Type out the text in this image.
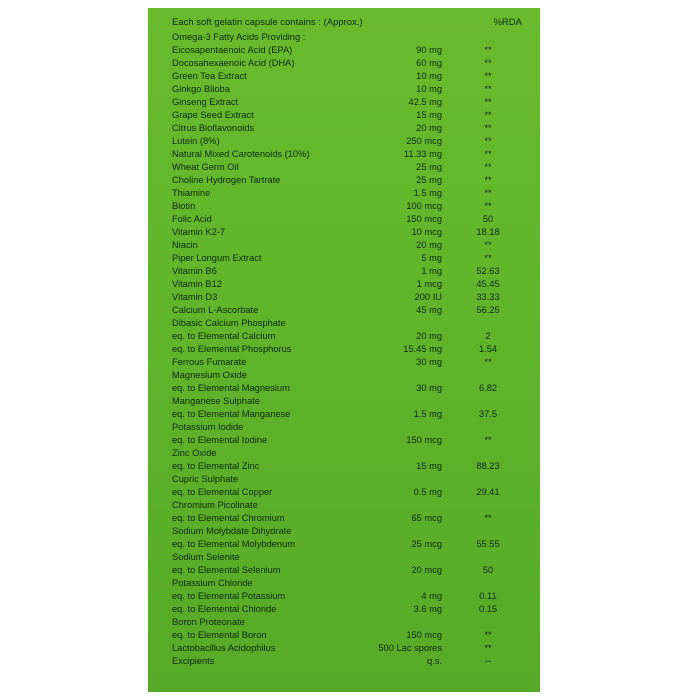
Each soft gelatin capsule contains : (Approx.)	%RDA
Omega-3 Fatty Acids Providing :
Eicosapentaenoic Acid (EPA)	90 mg	**
Docosahexaenoic Acid (DHA)	60 mg	**
Green Tea Extract	10 mg	**
Ginkgo Biloba	10 mg	**
Ginseng Extract	42.5 mg	**
Grape Seed Extract	15 mg	**
Citrus Bioflavonoids	20 mg	**
Lutein (8%)	250 mcg	**
Natural Mixed Carotenoids (10%)	11.33 mg	**
Wheat Germ Oil	25 mg	**
Choline Hydrogen Tartrate	25 mg	**
Thiamine	1.5 mg	**
Biotin	100 mcg	**
Folic Acid	150 mcg	50
Vitamin K2-7	10 mcg	18.18
Niacin	20 mg	**
Piper Longum Extract	5 mg	**
Vitamin B6	1 mg	52.63
Vitamin B12	1 mcg	45.45
Vitamin D3	200 IU	33.33
Calcium L-Ascorbate	45 mg	56.25
Dibasic Calcium Phosphate
eq. to Elemental Calcium	20 mg	2
eq. to Elemental Phosphorus	15.45 mg	1.54
Ferrous Fumarate	30 mg	**
Magnesium Oxide
eq. to Elemental Magnesium	30 mg	6.82
Manganese Sulphate
eq. to Elemental Manganese	1.5 mg	37.5
Potassium Iodide
eq. to Elemental Iodine	150 mcg	**
Zinc Oxide
eq. to Elemental Zinc	15 mg	88.23
Cupric Sulphate
eq. to Elemental Copper	0.5 mg	29.41
Chromium Picolinate
eq. to Elemental Chromium	65 mcg	**
Sodium Molybdate Dihydrate
eq. to Elemental Molybdenum	25 mcg	55.55
Sodium Selenite
eq. to Elemental Selenium	20 mcg	50
Potassium Chloride
eq. to Elemental Potassium	4 mg	0.11
eq. to Elemental Chloride	3.6 mg	0.15
Boron Proteonate
eq. to Elemental Boron	150 mcg	**
Lactobacillus Acidophilus	500 Lac spores	**
Excipients	q.s.	--
